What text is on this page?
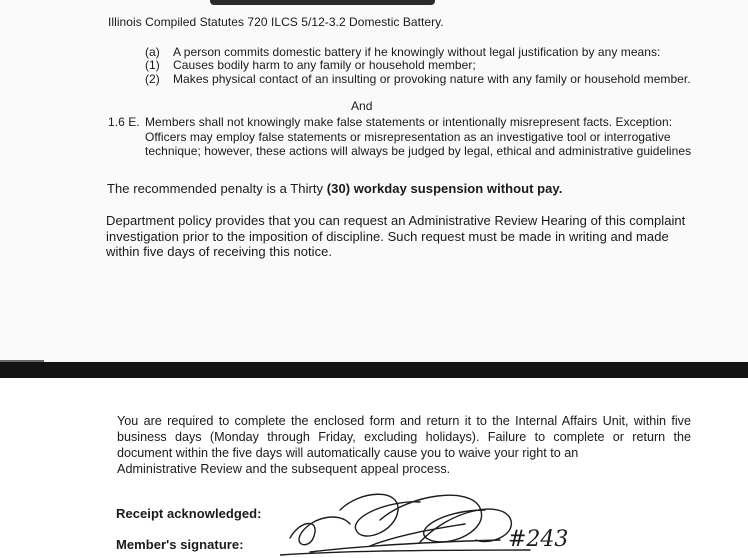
Illinois Compiled Statutes 720 ILCS 5/12-3.2 Domestic Battery.
(a) A person commits domestic battery if he knowingly without legal justification by any means:
(1) Causes bodily harm to any family or household member;
(2) Makes physical contact of an insulting or provoking nature with any family or household member.
And
1.6 E. Members shall not knowingly make false statements or intentionally misrepresent facts. Exception:
Officers may employ false statements or misrepresentation as an investigative tool or interrogative
technique; however, these actions will always be judged by legal, ethical and administrative guidelines
The recommended penalty is a Thirty (30) workday suspension without pay.
Department policy provides that you can request an Administrative Review Hearing of this complaint
investigation prior to the imposition of discipline. Such request must be made in writing and made
within five days of receiving this notice.
You are required to complete the enclosed form and return it to the Internal Affairs Unit, within five business days (Monday through Friday, excluding holidays). Failure to complete or return the document within the five days will automatically cause you to waive your right to an
Administrative Review and the subsequent appeal process.
Receipt acknowledged:
Member's signature:	#243
